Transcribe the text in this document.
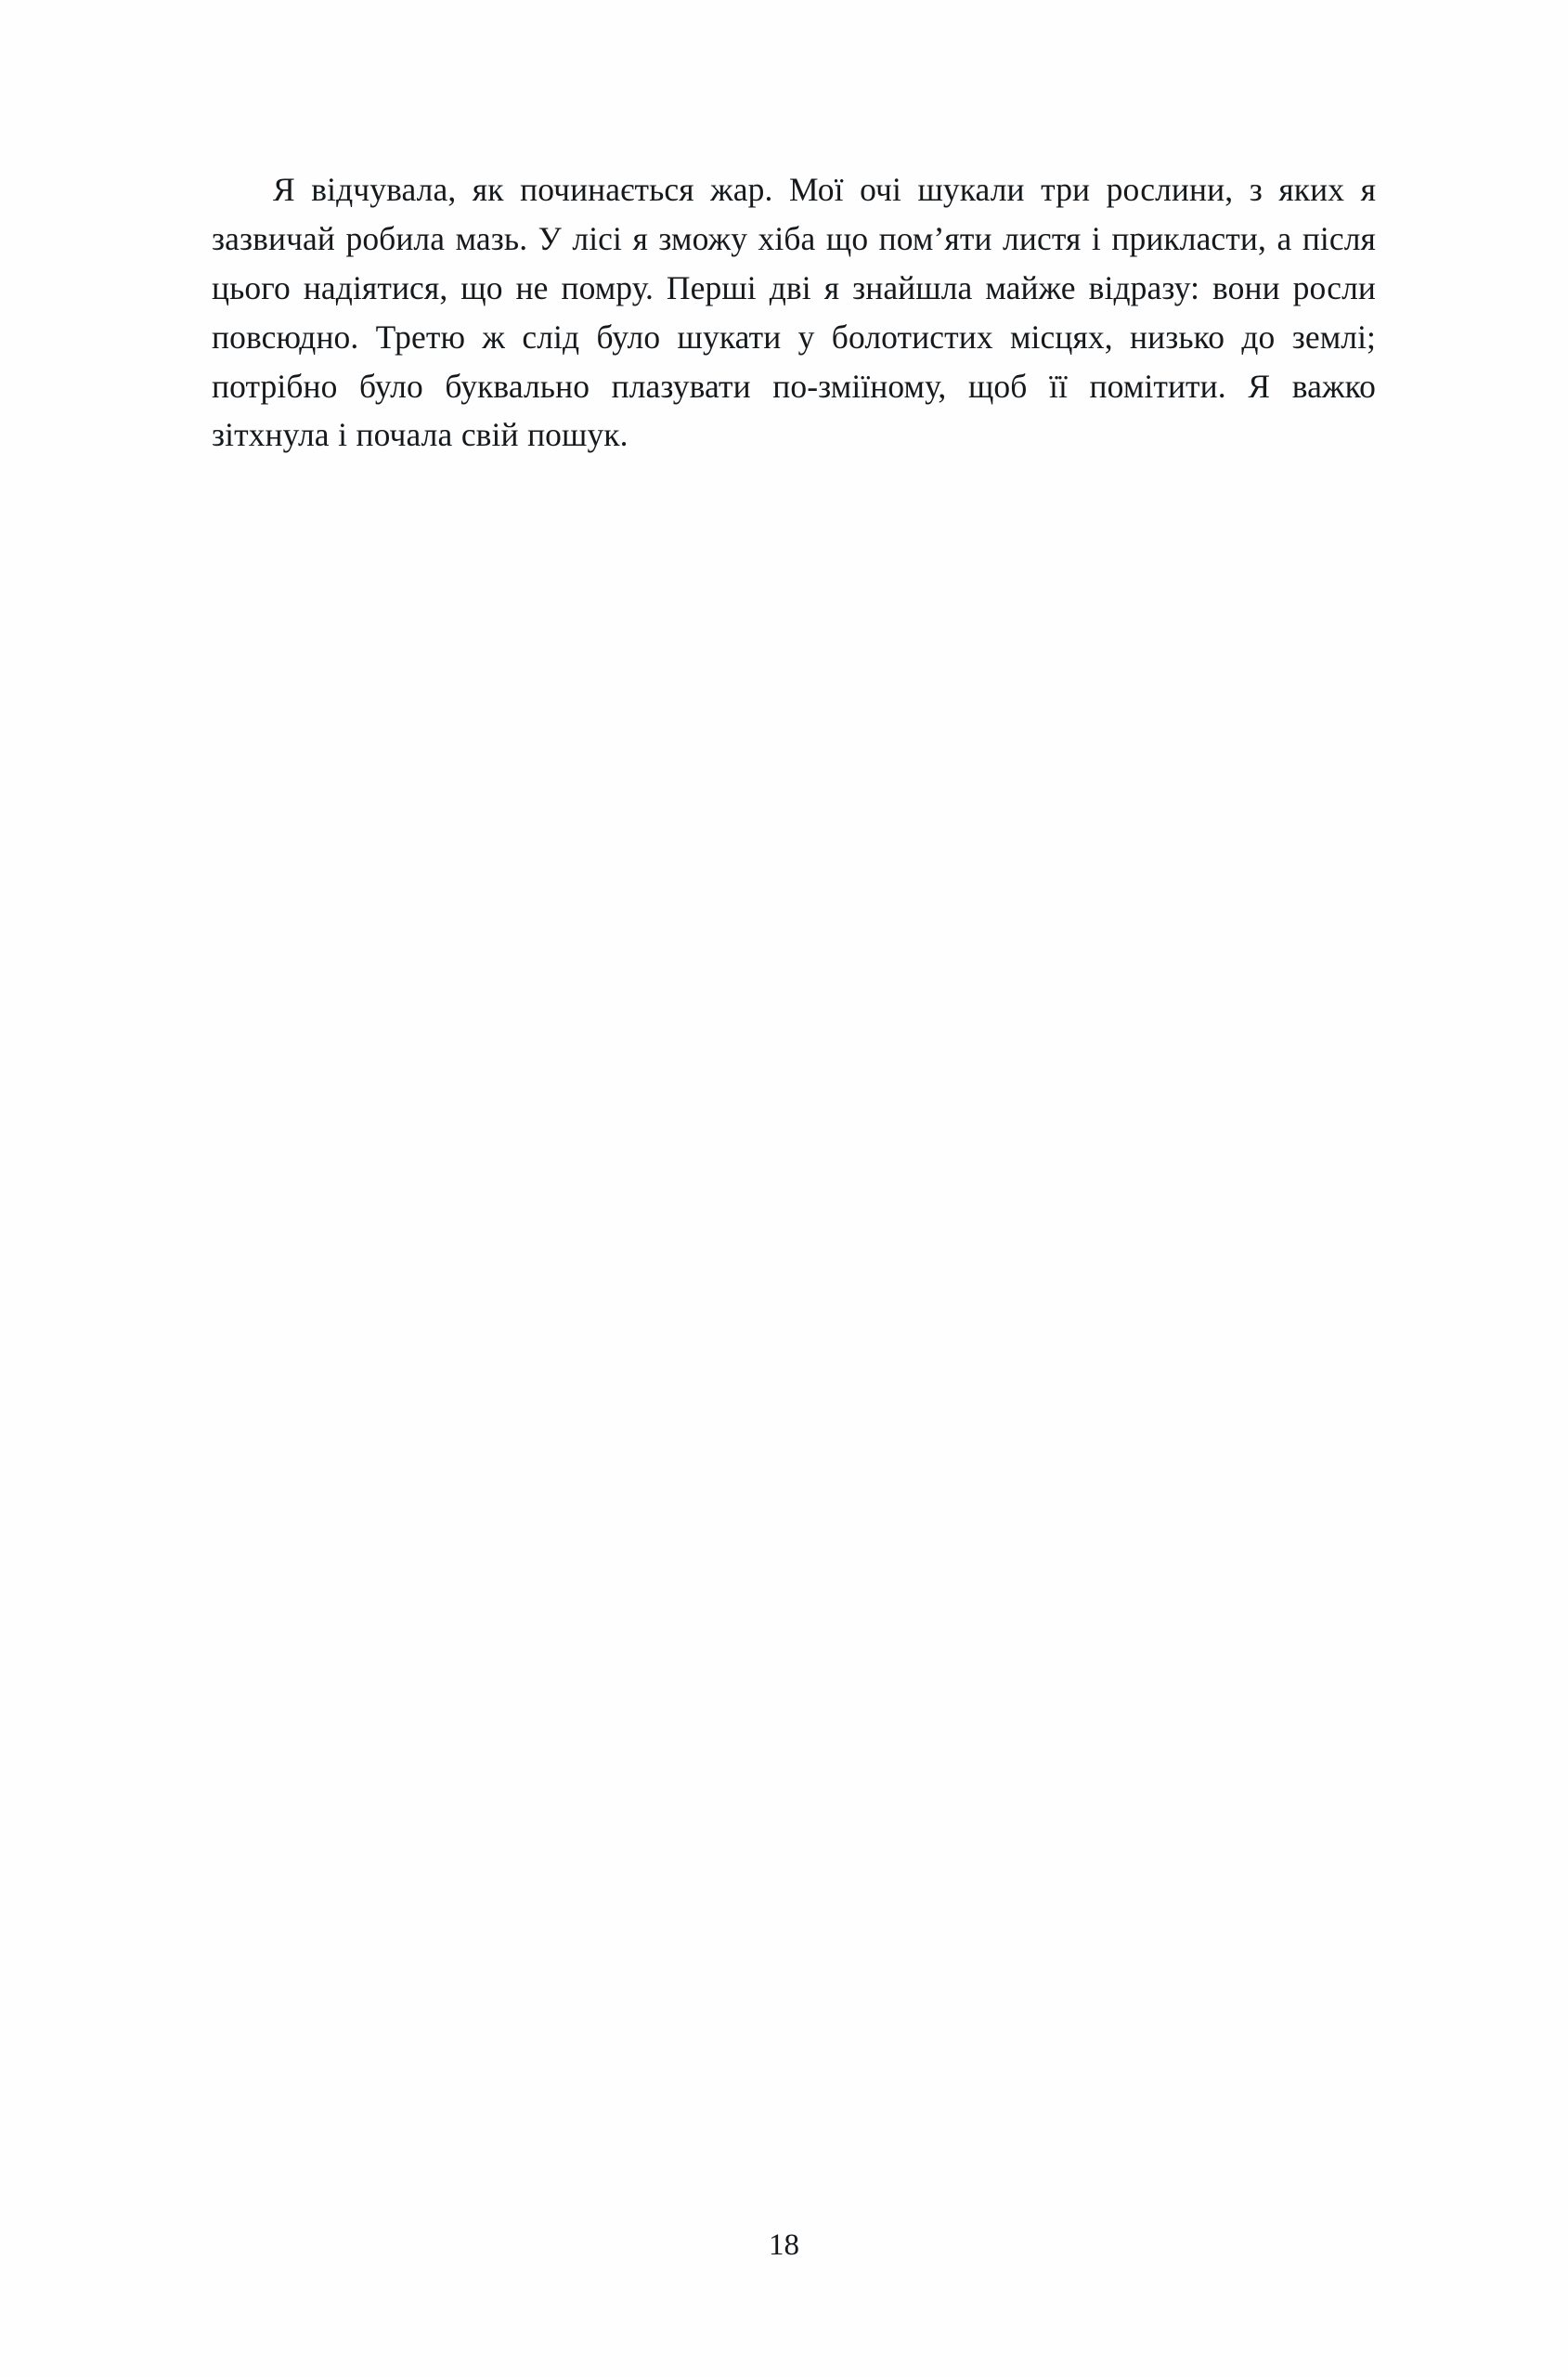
Я відчувала, як починається жар. Мої очі шукали три рослини, з яких я зазвичай робила мазь. У лісі я зможу хіба що пом’яти листя і прикласти, а після цього надіятися, що не помру. Перші дві я знайшла майже відразу: вони росли повсюдно. Третю ж слід було шукати у болотистих місцях, низько до землі; потрібно було буквально плазувати по-зміїному, щоб її помітити. Я важко зітхнула і почала свій пошук.

18
